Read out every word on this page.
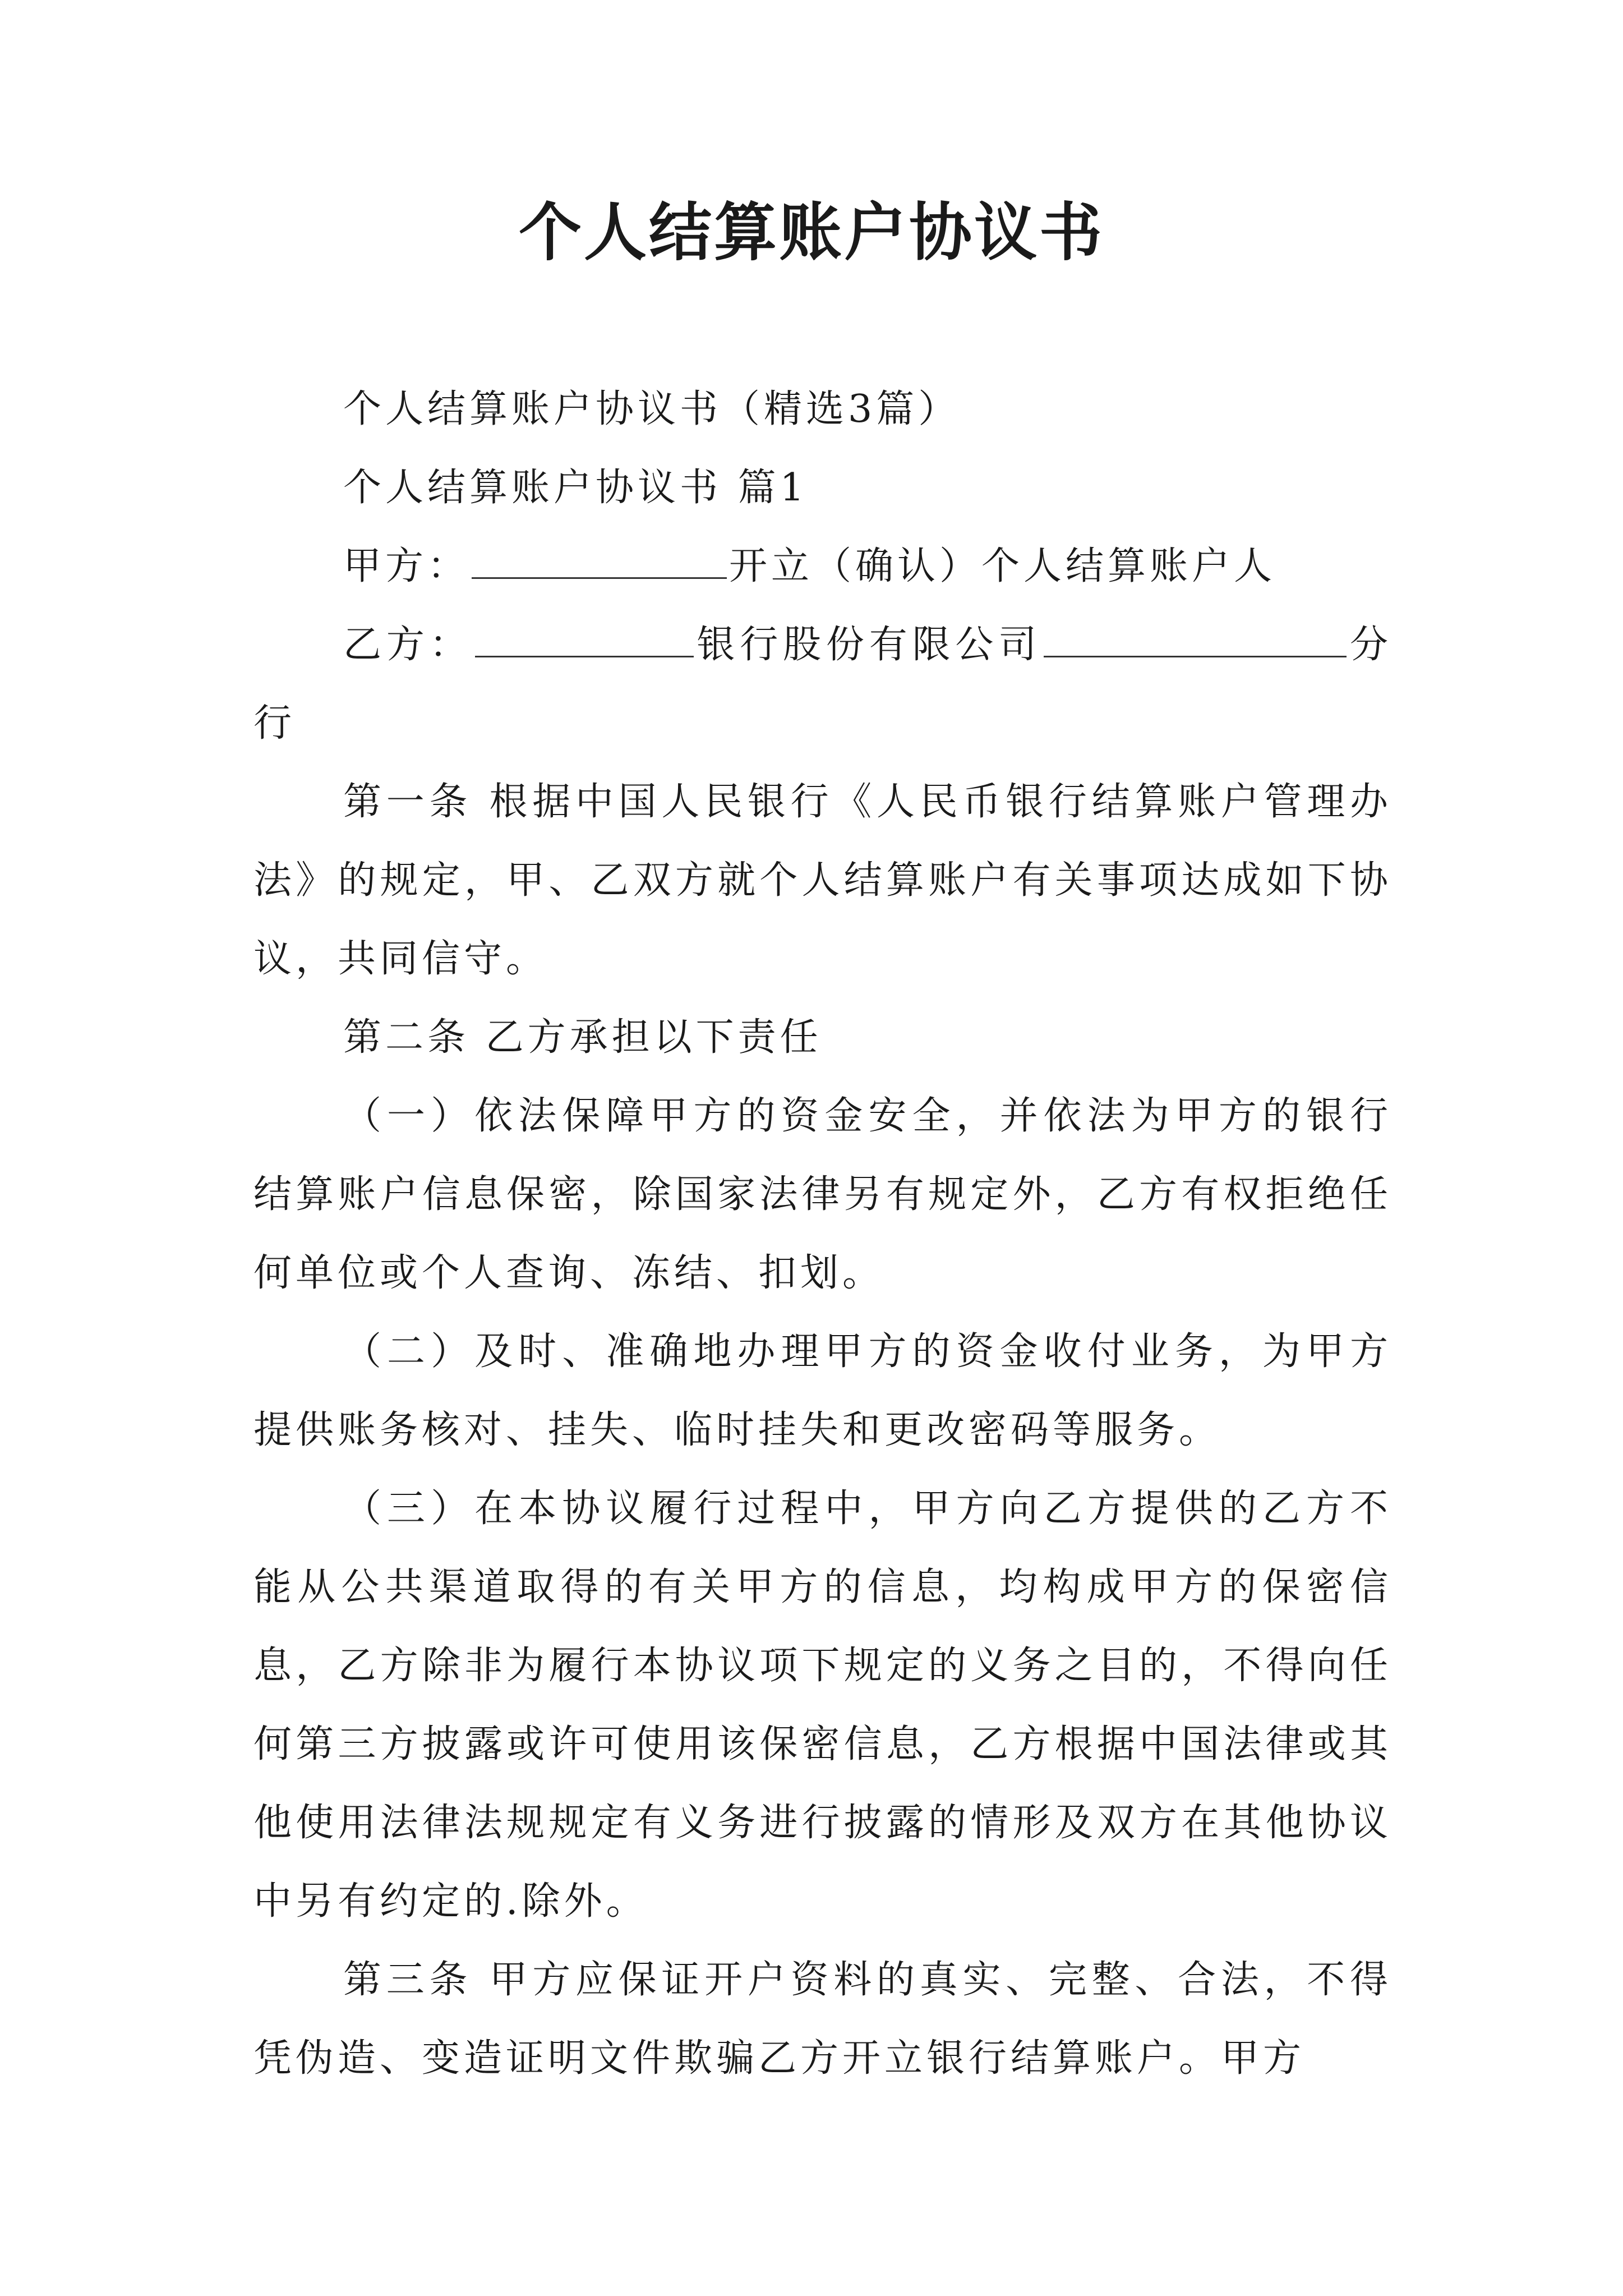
个人结算账户协议书

个人结算账户协议书（精选3篇）

个人结算账户协议书 篇1

甲方：	开立（确认）个人结算账户人

乙方：	银行股份有限公司	分行

第一条 根据中国人民银行《人民币银行结算账户管理办法》的规定，甲、乙双方就个人结算账户有关事项达成如下协议，共同信守。

第二条 乙方承担以下责任

（一）依法保障甲方的资金安全，并依法为甲方的银行结算账户信息保密，除国家法律另有规定外，乙方有权拒绝任何单位或个人查询、冻结、扣划。

（二）及时、准确地办理甲方的资金收付业务，为甲方提供账务核对、挂失、临时挂失和更改密码等服务。

（三）在本协议履行过程中，甲方向乙方提供的乙方不能从公共渠道取得的有关甲方的信息，均构成甲方的保密信息，乙方除非为履行本协议项下规定的义务之目的，不得向任何第三方披露或许可使用该保密信息，乙方根据中国法律或其他使用法律法规规定有义务进行披露的情形及双方在其他协议中另有约定的.除外。

第三条 甲方应保证开户资料的真实、完整、合法，不得凭伪造、变造证明文件欺骗乙方开立银行结算账户。甲方
